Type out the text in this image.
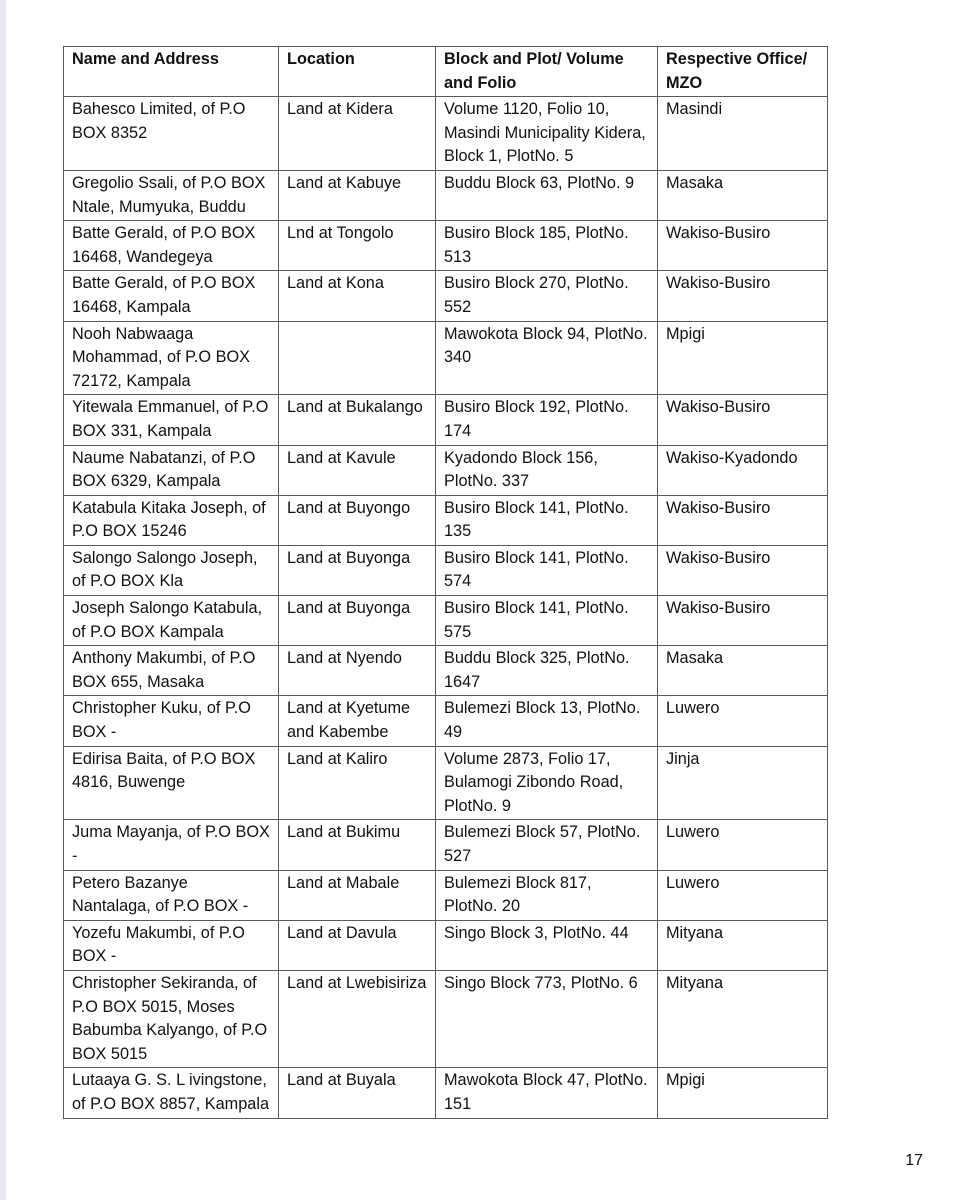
Name and Address	Location	Block and Plot/ Volume and Folio	Respective Office/ MZO
Bahesco Limited, of P.O BOX 8352	Land at Kidera	Volume 1120, Folio 10, Masindi Municipality Kidera, Block 1, PlotNo. 5	Masindi
Gregolio Ssali, of P.O BOX Ntale, Mumyuka, Buddu	Land at Kabuye	Buddu Block 63, PlotNo. 9	Masaka
Batte Gerald, of P.O BOX 16468, Wandegeya	Lnd at Tongolo	Busiro Block 185, PlotNo. 513	Wakiso-Busiro
Batte Gerald, of P.O BOX 16468, Kampala	Land at Kona	Busiro Block 270, PlotNo. 552	Wakiso-Busiro
Nooh Nabwaaga Mohammad, of P.O BOX 72172, Kampala		Mawokota Block 94, PlotNo. 340	Mpigi
Yitewala Emmanuel, of P.O BOX 331, Kampala	Land at Bukalango	Busiro Block 192, PlotNo. 174	Wakiso-Busiro
Naume Nabatanzi, of P.O BOX 6329, Kampala	Land at Kavule	Kyadondo Block 156, PlotNo. 337	Wakiso-Kyadondo
Katabula Kitaka Joseph, of P.O BOX 15246	Land at Buyongo	Busiro Block 141, PlotNo. 135	Wakiso-Busiro
Salongo Salongo Joseph, of P.O BOX Kla	Land at Buyonga	Busiro Block 141, PlotNo. 574	Wakiso-Busiro
Joseph Salongo Katabula, of P.O BOX Kampala	Land at Buyonga	Busiro Block 141, PlotNo. 575	Wakiso-Busiro
Anthony Makumbi, of P.O BOX 655, Masaka	Land at Nyendo	Buddu Block 325, PlotNo. 1647	Masaka
Christopher Kuku, of P.O BOX -	Land at Kyetume and Kabembe	Bulemezi Block 13, PlotNo. 49	Luwero
Edirisa Baita, of P.O BOX 4816, Buwenge	Land at Kaliro	Volume 2873, Folio 17, Bulamogi Zibondo Road, PlotNo. 9	Jinja
Juma Mayanja, of P.O BOX -	Land at Bukimu	Bulemezi Block 57, PlotNo. 527	Luwero
Petero Bazanye Nantalaga, of P.O BOX -	Land at Mabale	Bulemezi Block 817, PlotNo. 20	Luwero
Yozefu Makumbi, of P.O BOX -	Land at Davula	Singo Block 3, PlotNo. 44	Mityana
Christopher Sekiranda, of P.O BOX 5015, Moses Babumba Kalyango, of P.O BOX 5015	Land at Lwebisiriza	Singo Block 773, PlotNo. 6	Mityana
Lutaaya G. S. L ivingstone, of P.O BOX 8857, Kampala	Land at Buyala	Mawokota Block 47, PlotNo. 151	Mpigi
17
